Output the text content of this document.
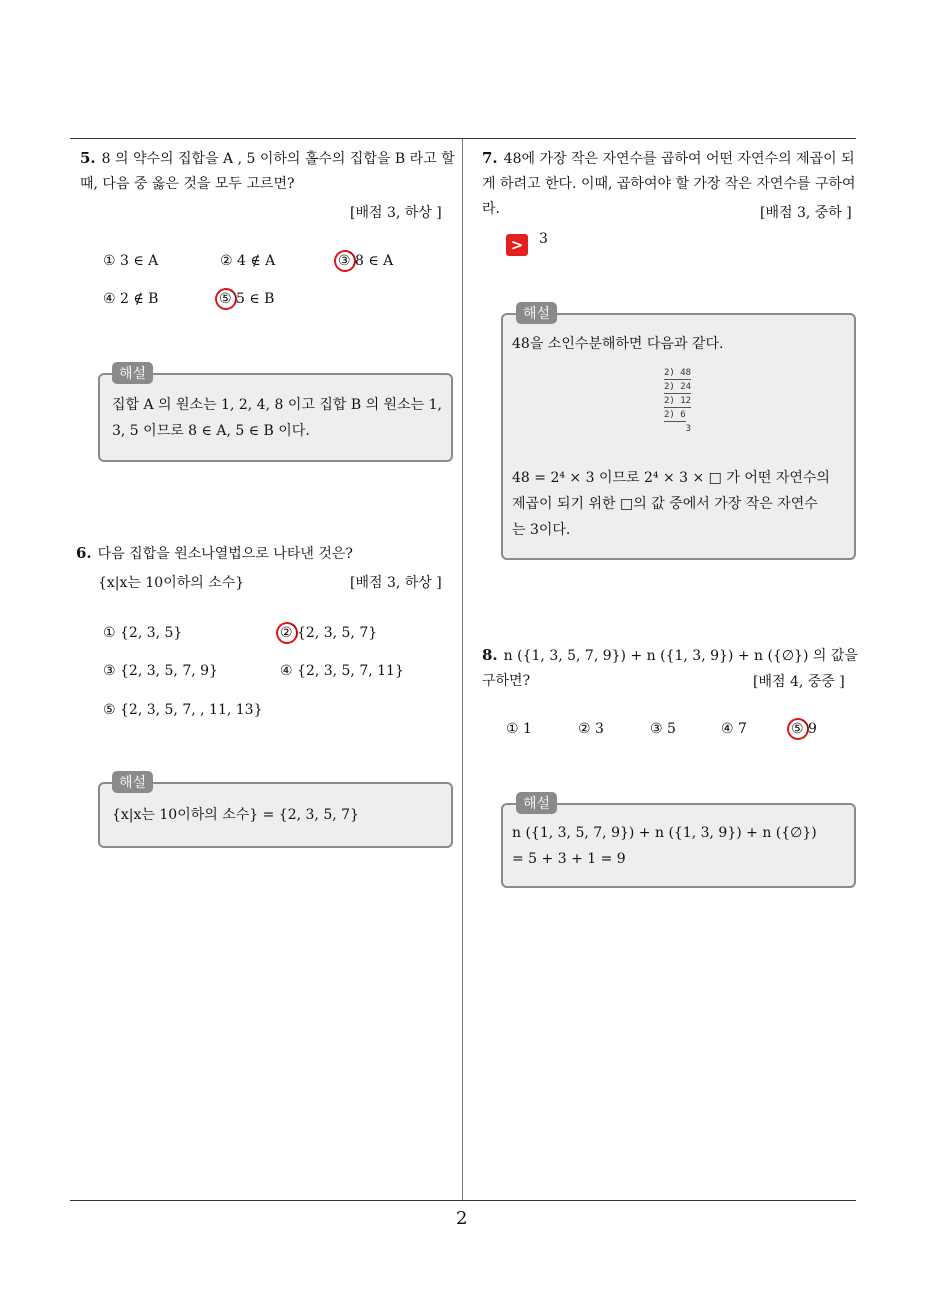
5. 8 의 약수의 집합을 A , 5 이하의 홀수의 집합을 B 라고 할 때, 다음 중 옳은 것을 모두 고르면?
[배점 3, 하상 ]
① 3 ∈ A	② 4 ∉ A	③ 8 ∈ A
④ 2 ∉ B	⑤ 5 ∈ B
해설
집합 A 의 원소는 1, 2, 4, 8 이고 집합 B 의 원소는 1, 3, 5 이므로 8 ∈ A, 5 ∈ B 이다.
6. 다음 집합을 원소나열법으로 나타낸 것은?
{x|x는 10이하의 소수}	[배점 3, 하상 ]
① {2, 3, 5}	② {2, 3, 5, 7}
③ {2, 3, 5, 7, 9}	④ {2, 3, 5, 7, 11}
⑤ {2, 3, 5, 7, , 11, 13}
해설
{x|x는 10이하의 소수} = {2, 3, 5, 7}
7. 48에 가장 작은 자연수를 곱하여 어떤 자연수의 제곱이 되게 하려고 한다. 이때, 곱하여야 할 가장 작은 자연수를 구하여라.	[배점 3, 중하 ]
>	3
해설
48을 소인수분해하면 다음과 같다.
2) 48
2) 24
2) 12
2) 6
3
48 = 2⁴ × 3 이므로 2⁴ × 3 × □ 가 어떤 자연수의
제곱이 되기 위한 □의 값 중에서 가장 작은 자연수
는 3이다.
8. n ({1, 3, 5, 7, 9}) + n ({1, 3, 9}) + n ({∅}) 의 값을 구하면?	[배점 4, 중중 ]
① 1	② 3	③ 5	④ 7	⑤ 9
해설
n ({1, 3, 5, 7, 9}) + n ({1, 3, 9}) + n ({∅})
= 5 + 3 + 1 = 9
2
